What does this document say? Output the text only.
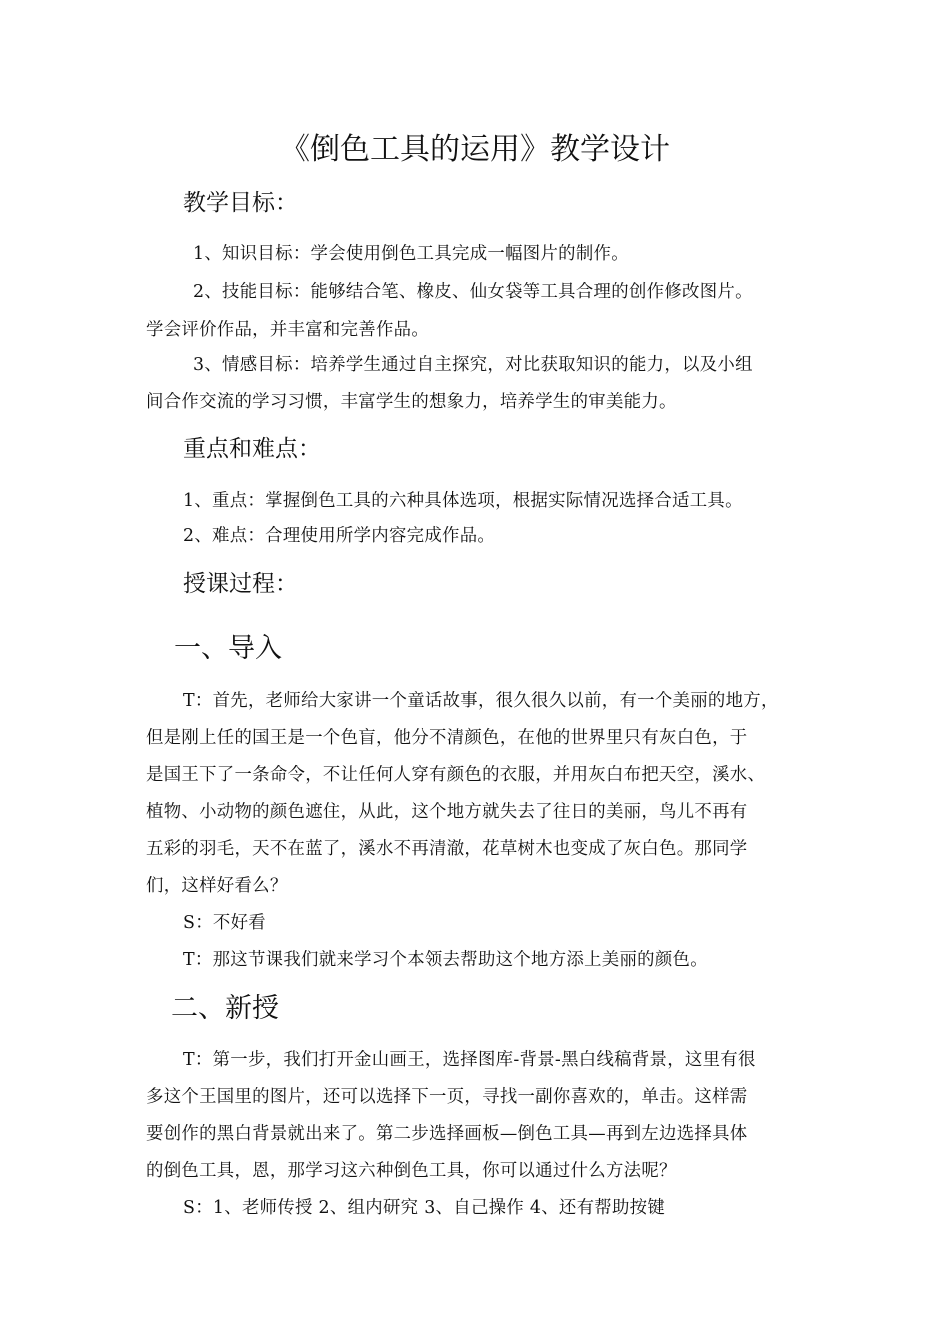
《倒色工具的运用》教学设计
教学目标：
1、知识目标：学会使用倒色工具完成一幅图片的制作。
2、技能目标：能够结合笔、橡皮、仙女袋等工具合理的创作修改图片。
学会评价作品，并丰富和完善作品。
3、情感目标：培养学生通过自主探究，对比获取知识的能力，以及小组
间合作交流的学习习惯，丰富学生的想象力，培养学生的审美能力。
重点和难点：
1、重点：掌握倒色工具的六种具体选项，根据实际情况选择合适工具。
2、难点：合理使用所学内容完成作品。
授课过程：
一、导入
T：首先，老师给大家讲一个童话故事，很久很久以前，有一个美丽的地方，
但是刚上任的国王是一个色盲，他分不清颜色，在他的世界里只有灰白色，于
是国王下了一条命令，不让任何人穿有颜色的衣服，并用灰白布把天空，溪水、
植物、小动物的颜色遮住，从此，这个地方就失去了往日的美丽，鸟儿不再有
五彩的羽毛，天不在蓝了，溪水不再清澈，花草树木也变成了灰白色。那同学
们，这样好看么？
S：不好看
T：那这节课我们就来学习个本领去帮助这个地方添上美丽的颜色。
二、新授
T：第一步，我们打开金山画王，选择图库-背景-黑白线稿背景，这里有很
多这个王国里的图片，还可以选择下一页，寻找一副你喜欢的，单击。这样需
要创作的黑白背景就出来了。第二步选择画板—倒色工具—再到左边选择具体
的倒色工具，恩，那学习这六种倒色工具，你可以通过什么方法呢？
S：1、老师传授 2、组内研究 3、自己操作 4、还有帮助按键
